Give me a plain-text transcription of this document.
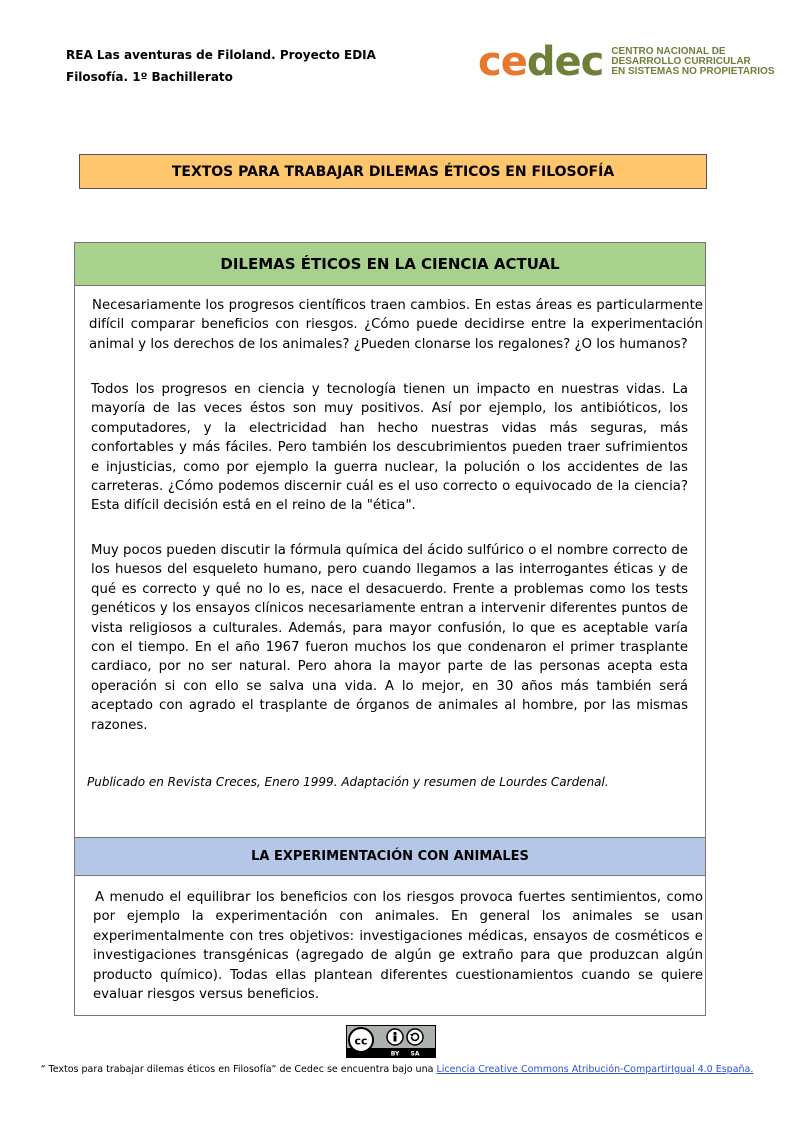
REA Las aventuras de Filoland. Proyecto EDIA
Filosofía. 1º Bachillerato	cedec CENTRO NACIONAL DE
DESARROLLO CURRICULAR
EN SISTEMAS NO PROPIETARIOS
TEXTOS PARA TRABAJAR DILEMAS ÉTICOS EN FILOSOFÍA
DILEMAS ÉTICOS EN LA CIENCIA ACTUAL

Necesariamente los progresos científicos traen cambios. En estas áreas es particularmente difícil comparar beneficios con riesgos. ¿Cómo puede decidirse entre la experimentación animal y los derechos de los animales? ¿Pueden clonarse los regalones? ¿O los humanos?

Todos los progresos en ciencia y tecnología tienen un impacto en nuestras vidas. La mayoría de las veces éstos son muy positivos. Así por ejemplo, los antibióticos, los computadores, y la electricidad han hecho nuestras vidas más seguras, más confortables y más fáciles. Pero también los descubrimientos pueden traer sufrimientos e injusticias, como por ejemplo la guerra nuclear, la polución o los accidentes de las carreteras. ¿Cómo podemos discernir cuál es el uso correcto o equivocado de la ciencia? Esta difícil decisión está en el reino de la "ética".

Muy pocos pueden discutir la fórmula química del ácido sulfúrico o el nombre correcto de los huesos del esqueleto humano, pero cuando llegamos a las interrogantes éticas y de qué es correcto y qué no lo es, nace el desacuerdo. Frente a problemas como los tests genéticos y los ensayos clínicos necesariamente entran a intervenir diferentes puntos de vista religiosos a culturales. Además, para mayor confusión, lo que es aceptable varía con el tiempo. En el año 1967 fueron muchos los que condenaron el primer trasplante cardiaco, por no ser natural. Pero ahora la mayor parte de las personas acepta esta operación si con ello se salva una vida. A lo mejor, en 30 años más también será aceptado con agrado el trasplante de órganos de animales al hombre, por las mismas razones.

Publicado en Revista Creces, Enero 1999. Adaptación y resumen de Lourdes Cardenal.
LA EXPERIMENTACIÓN CON ANIMALES

A menudo el equilibrar los beneficios con los riesgos provoca fuertes sentimientos, como por ejemplo la experimentación con animales. En general los animales se usan experimentalmente con tres objetivos: investigaciones médicas, ensayos de cosméticos e investigaciones transgénicas (agregado de algún ge extraño para que produzcan algún producto químico). Todas ellas plantean diferentes cuestionamientos cuando se quiere evaluar riesgos versus beneficios.

cc
BY SA
“ Textos para trabajar dilemas éticos en Filosofía” de Cedec se encuentra bajo una Licencia Creative Commons Atribución-CompartirIgual 4.0 España.
